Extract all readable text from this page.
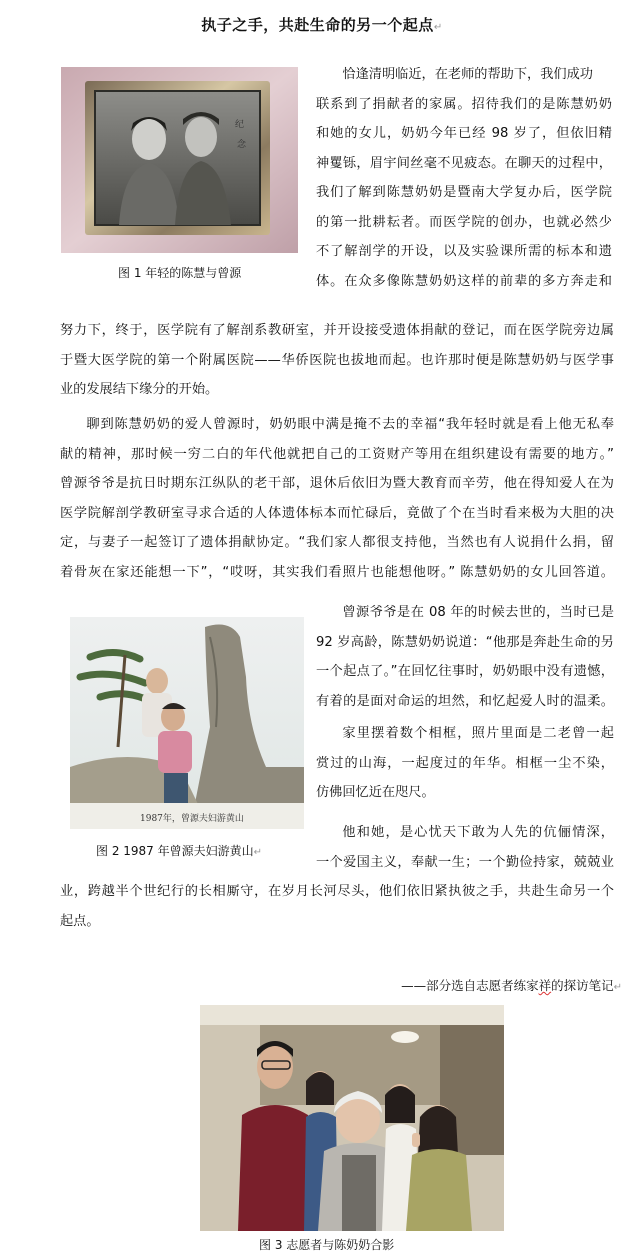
执子之手，共赴生命的另一个起点↵
纪
念
图 1 年轻的陈慧与曾源
恰逢清明临近，在老师的帮助下，我们成功
联系到了捐献者的家属。招待我们的是陈慧奶奶
和她的女儿，奶奶今年已经 98 岁了，但依旧精
神矍铄，眉宇间丝毫不见疲态。在聊天的过程中，
我们了解到陈慧奶奶是暨南大学复办后，医学院
的第一批耕耘者。而医学院的创办，也就必然少
不了解剖学的开设，以及实验课所需的标本和遗
体。在众多像陈慧奶奶这样的前辈的多方奔走和
努力下，终于，医学院有了解剖系教研室，并开设接受遗体捐献的登记，而在医学院旁边属
于暨大医学院的第一个附属医院——华侨医院也拔地而起。也许那时便是陈慧奶奶与医学事
业的发展结下缘分的开始。
聊到陈慧奶奶的爱人曾源时，奶奶眼中满是掩不去的幸福“我年轻时就是看上他无私奉
献的精神，那时候一穷二白的年代他就把自己的工资财产等用在组织建设有需要的地方。”
曾源爷爷是抗日时期东江纵队的老干部，退休后依旧为暨大教育而辛劳，他在得知爱人在为
医学院解剖学教研室寻求合适的人体遗体标本而忙碌后，竟做了个在当时看来极为大胆的决
定，与妻子一起签订了遗体捐献协定。“我们家人都很支持他，当然也有人说捐什么捐，留
着骨灰在家还能想一下”，“哎呀，其实我们看照片也能想他呀。” 陈慧奶奶的女儿回答道。
1987年，曾源夫妇游黄山
图 2 1987 年曾源夫妇游黄山↵
曾源爷爷是在 08 年的时候去世的，当时已是
92 岁高龄，陈慧奶奶说道：“他那是奔赴生命的另
一个起点了。”在回忆往事时，奶奶眼中没有遗憾，
有着的是面对命运的坦然，和忆起爱人时的温柔。
家里摆着数个相框，照片里面是二老曾一起
赏过的山海，一起度过的年华。相框一尘不染，
仿佛回忆近在咫尺。
他和她，是心忧天下敢为人先的伉俪情深，
一个爱国主义，奉献一生；一个勤俭持家，兢兢业
业，跨越半个世纪行的长相厮守，在岁月长河尽头，他们依旧紧执彼之手，共赴生命另一个
起点。
——部分选自志愿者练家祥的探访笔记↵
图 3 志愿者与陈奶奶合影
